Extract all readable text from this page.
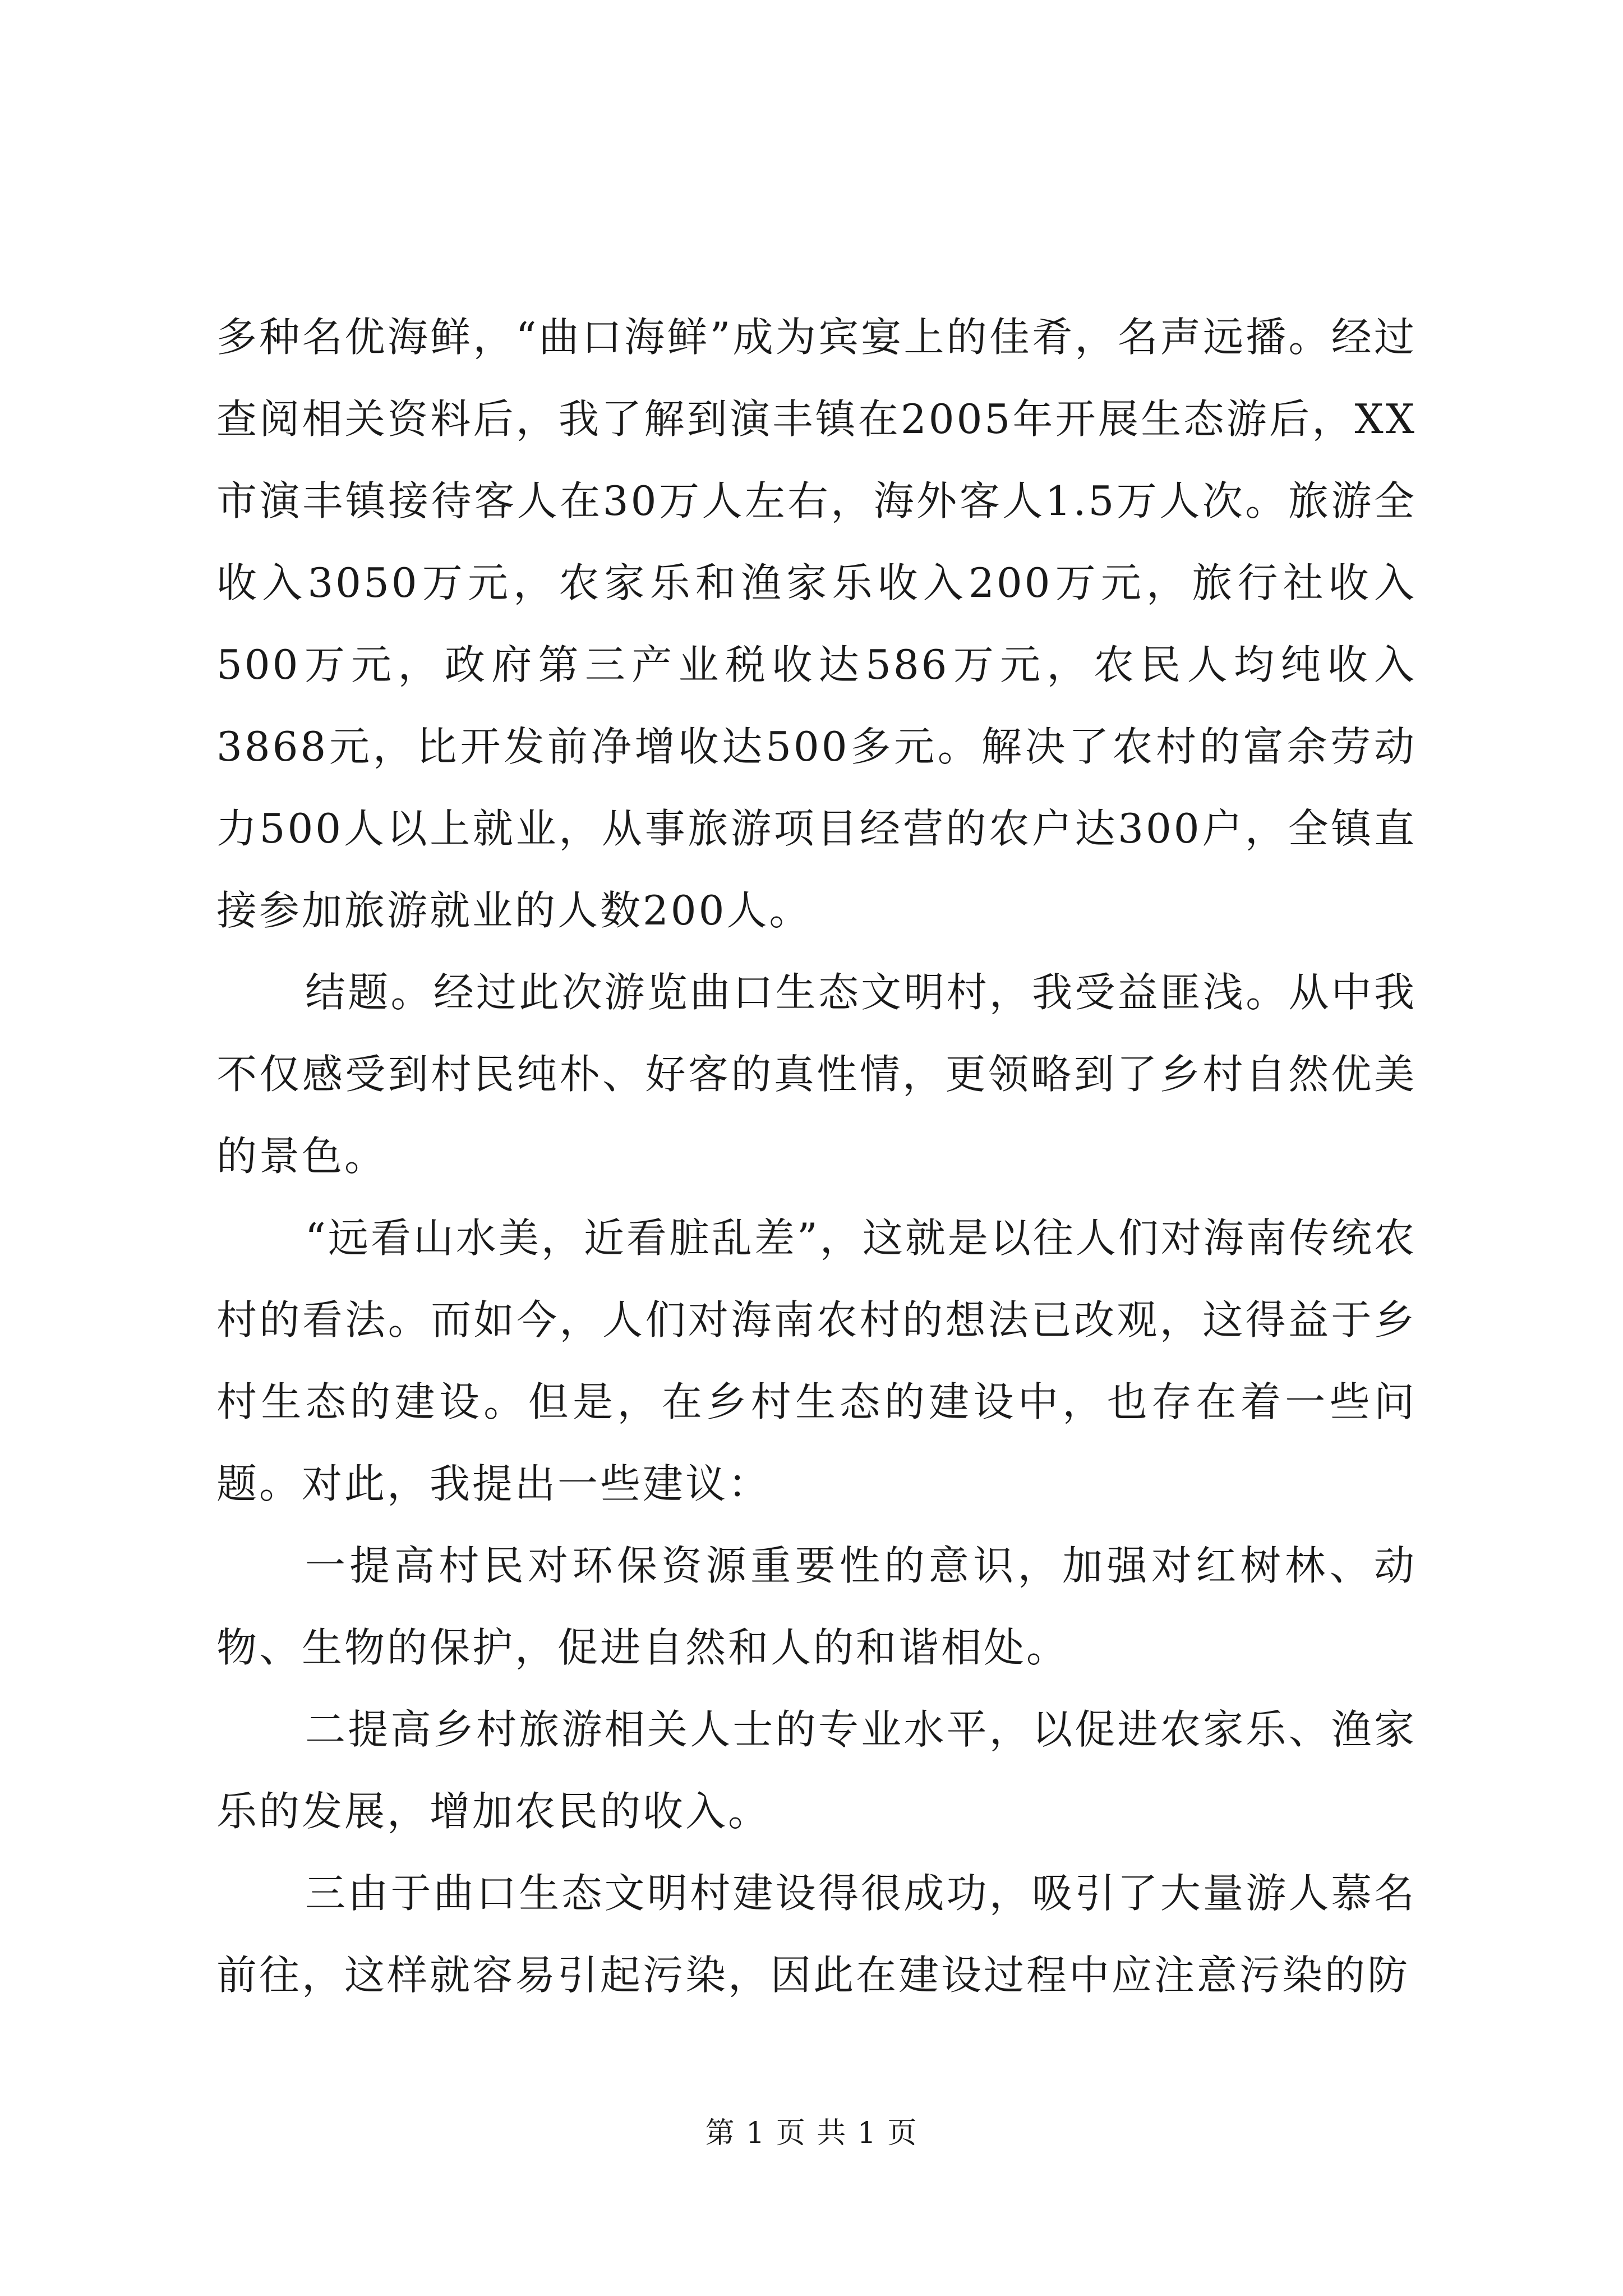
多种名优海鲜，“曲口海鲜”成为宾宴上的佳肴，名声远播。经过查阅相关资料后，我了解到演丰镇在2005年开展生态游后，XX市演丰镇接待客人在30万人左右，海外客人1.5万人次。旅游全收入3050万元，农家乐和渔家乐收入200万元，旅行社收入500万元，政府第三产业税收达586万元，农民人均纯收入3868元，比开发前净增收达500多元。解决了农村的富余劳动力500人以上就业，从事旅游项目经营的农户达300户，全镇直接参加旅游就业的人数200人。

结题。经过此次游览曲口生态文明村，我受益匪浅。从中我不仅感受到村民纯朴、好客的真性情，更领略到了乡村自然优美的景色。

“远看山水美，近看脏乱差”，这就是以往人们对海南传统农村的看法。而如今，人们对海南农村的想法已改观，这得益于乡村生态的建设。但是，在乡村生态的建设中，也存在着一些问题。对此，我提出一些建议：

一提高村民对环保资源重要性的意识，加强对红树林、动物、生物的保护，促进自然和人的和谐相处。

二提高乡村旅游相关人士的专业水平，以促进农家乐、渔家乐的发展，增加农民的收入。

三由于曲口生态文明村建设得很成功，吸引了大量游人慕名前往，这样就容易引起污染，因此在建设过程中应注意污染的防

第 1 页 共 1 页
